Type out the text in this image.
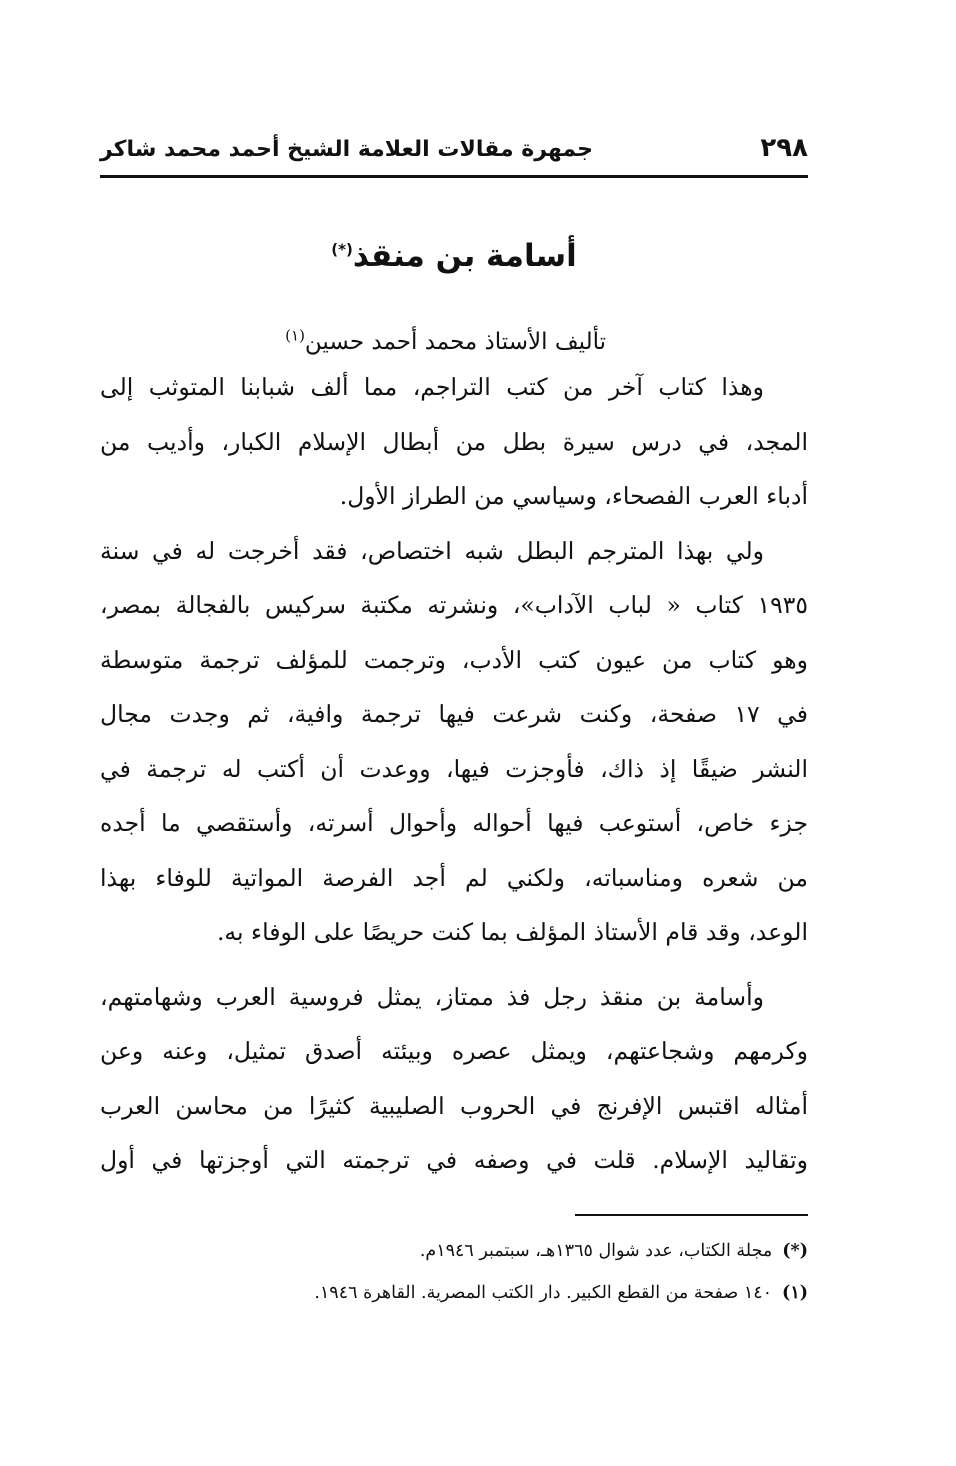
٢٩٨
جمهرة مقالات العلامة الشيخ أحمد محمد شاكر
أسامة بن منقذ(*)
تأليف الأستاذ محمد أحمد حسين$^{(١)}$
وهذا كتاب آخر من كتب التراجم، مما ألف شبابنا المتوثب إلى
المجد، في درس سيرة بطل من أبطال الإسلام الكبار، وأديب من
أدباء العرب الفصحاء، وسياسي من الطراز الأول.
ولي بهذا المترجم البطل شبه اختصاص، فقد أخرجت له في سنة
١٩٣٥ كتاب « لباب الآداب»، ونشرته مكتبة سركيس بالفجالة بمصر،
وهو كتاب من عيون كتب الأدب، وترجمت للمؤلف ترجمة متوسطة
في ١٧ صفحة، وكنت شرعت فيها ترجمة وافية، ثم وجدت مجال
النشر ضيقًا إذ ذاك، فأوجزت فيها، ووعدت أن أكتب له ترجمة في
جزء خاص، أستوعب فيها أحواله وأحوال أسرته، وأستقصي ما أجده
من شعره ومناسباته، ولكني لم أجد الفرصة المواتية للوفاء بهذا
الوعد، وقد قام الأستاذ المؤلف بما كنت حريصًا على الوفاء به.
وأسامة بن منقذ رجل فذ ممتاز، يمثل فروسية العرب وشهامتهم،
وكرمهم وشجاعتهم، ويمثل عصره وبيئته أصدق تمثيل، وعنه وعن
أمثاله اقتبس الإفرنج في الحروب الصليبية كثيرًا من محاسن العرب
وتقاليد الإسلام. قلت في وصفه في ترجمته التي أوجزتها في أول
(*)مجلة الكتاب، عدد شوال ١٣٦٥هـ، سبتمبر ١٩٤٦م.
(١)١٤٠ صفحة من القطع الكبير. دار الكتب المصرية. القاهرة ١٩٤٦.
